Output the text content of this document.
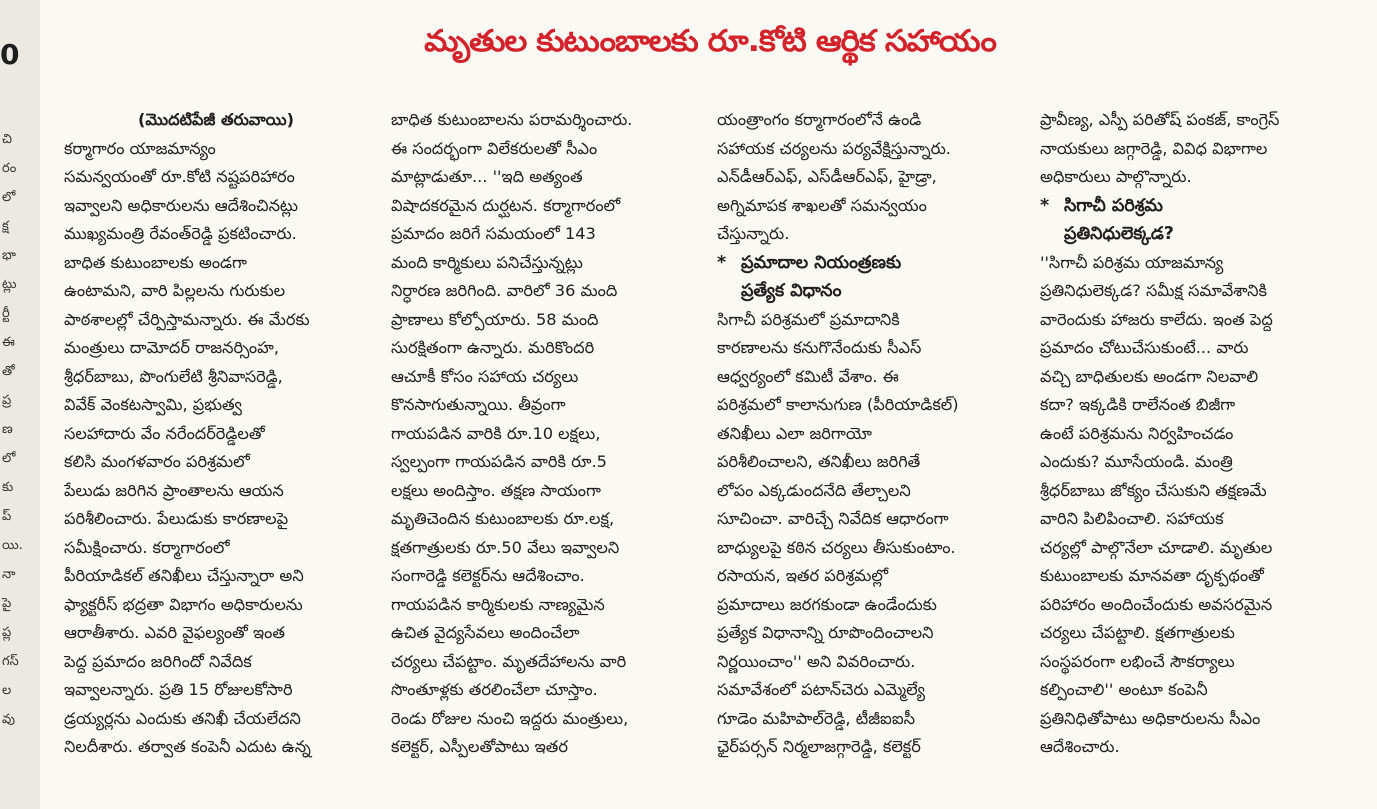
0
చి
రం
లో
క్ష
భా
ట్లు
ర్టీ
ఈ
తో
ప్ర
ణ
లో
కు
ప్
యి.
నా
పై
ప్ల
గస్
ల
వు
మృతుల కుటుంబాలకు రూ.కోటి ఆర్థిక సహాయం
(మొదటిపేజీ తరువాయి)
కర్మాగారం యాజమాన్యం
సమన్వయంతో రూ.కోటి నష్టపరిహారం
ఇవ్వాలని అధికారులను ఆదేశించినట్లు
ముఖ్యమంత్రి రేవంత్‌రెడ్డి ప్రకటించారు.
బాధిత కుటుంబాలకు అండగా
ఉంటామని, వారి పిల్లలను గురుకుల
పాఠశాలల్లో చేర్పిస్తామన్నారు. ఈ మేరకు
మంత్రులు దామోదర్ రాజనర్సింహ,
శ్రీధర్‌బాబు, పొంగులేటి శ్రీనివాసరెడ్డి,
వివేక్ వెంకటస్వామి, ప్రభుత్వ
సలహాదారు వేం నరేందర్‌రెడ్డిలతో
కలిసి మంగళవారం పరిశ్రమలో
పేలుడు జరిగిన ప్రాంతాలను ఆయన
పరిశీలించారు. పేలుడుకు కారణాలపై
సమీక్షించారు. కర్మాగారంలో
పీరియాడికల్ తనిఖీలు చేస్తున్నారా అని
ఫ్యాక్టరీస్ భద్రతా విభాగం అధికారులను
ఆరాతీశారు. ఎవరి వైఫల్యంతో ఇంత
పెద్ద ప్రమాదం జరిగిందో నివేదిక
ఇవ్వాలన్నారు. ప్రతి 15 రోజులకోసారి
డ్రయ్యర్లను ఎందుకు తనిఖీ చేయలేదని
నిలదీశారు. తర్వాత కంపెనీ ఎదుట ఉన్న
బాధిత కుటుంబాలను పరామర్శించారు.
ఈ సందర్భంగా విలేకరులతో సీఎం
మాట్లాడుతూ... ''ఇది అత్యంత
విషాదకరమైన దుర్ఘటన. కర్మాగారంలో
ప్రమాదం జరిగే సమయంలో 143
మంది కార్మికులు పనిచేస్తున్నట్లు
నిర్ధారణ జరిగింది. వారిలో 36 మంది
ప్రాణాలు కోల్పోయారు. 58 మంది
సురక్షితంగా ఉన్నారు. మరికొందరి
ఆచూకీ కోసం సహాయ చర్యలు
కొనసాగుతున్నాయి. తీవ్రంగా
గాయపడిన వారికి రూ.10 లక్షలు,
స్వల్పంగా గాయపడిన వారికి రూ.5
లక్షలు అందిస్తాం. తక్షణ సాయంగా
మృతిచెందిన కుటుంబాలకు రూ.లక్ష,
క్షతగాత్రులకు రూ.50 వేలు ఇవ్వాలని
సంగారెడ్డి కలెక్టర్‌ను ఆదేశించాం.
గాయపడిన కార్మికులకు నాణ్యమైన
ఉచిత వైద్యసేవలు అందించేలా
చర్యలు చేపట్టాం. మృతదేహాలను వారి
సొంతూళ్లకు తరలించేలా చూస్తాం.
రెండు రోజుల నుంచి ఇద్దరు మంత్రులు,
కలెక్టర్, ఎస్పీలతోపాటు ఇతర
యంత్రాంగం కర్మాగారంలోనే ఉండి
సహాయక చర్యలను పర్యవేక్షిస్తున్నారు.
ఎన్‌డీఆర్‌ఎఫ్, ఎస్‌డీఆర్‌ఎఫ్, హైడ్రా,
అగ్నిమాపక శాఖలతో సమన్వయం
చేస్తున్నారు.
* ప్రమాదాల నియంత్రణకు
ప్రత్యేక విధానం
సిగాచీ పరిశ్రమలో ప్రమాదానికి
కారణాలను కనుగొనేందుకు సీఎస్
ఆధ్వర్యంలో కమిటీ వేశాం. ఈ
పరిశ్రమలో కాలానుగుణ (పీరియాడికల్)
తనిఖీలు ఎలా జరిగాయో
పరిశీలించాలని, తనిఖీలు జరిగితే
లోపం ఎక్కడుందనేది తేల్చాలని
సూచించా. వారిచ్చే నివేదిక ఆధారంగా
బాధ్యులపై కఠిన చర్యలు తీసుకుంటాం.
రసాయన, ఇతర పరిశ్రమల్లో
ప్రమాదాలు జరగకుండా ఉండేందుకు
ప్రత్యేక విధానాన్ని రూపొందించాలని
నిర్ణయించాం'' అని వివరించారు.
సమావేశంలో పటాన్‌చెరు ఎమ్మెల్యే
గూడెం మహిపాల్‌రెడ్డి, టీజీఐఐసీ
ఛైర్‌పర్సన్ నిర్మలాజగ్గారెడ్డి, కలెక్టర్
ప్రావీణ్య, ఎస్పీ పరితోష్ పంకజ్, కాంగ్రెస్
నాయకులు జగ్గారెడ్డి, వివిధ విభాగాల
అధికారులు పాల్గొన్నారు.
* సిగాచీ పరిశ్రమ
ప్రతినిధులెక్కడ?
''సిగాచీ పరిశ్రమ యాజమాన్య
ప్రతినిధులెక్కడ? సమీక్ష సమావేశానికి
వారెందుకు హాజరు కాలేదు. ఇంత పెద్ద
ప్రమాదం చోటుచేసుకుంటే... వారు
వచ్చి బాధితులకు అండగా నిలవాలి
కదా? ఇక్కడికి రాలేనంత బిజీగా
ఉంటే పరిశ్రమను నిర్వహించడం
ఎందుకు? మూసేయండి. మంత్రి
శ్రీధర్‌బాబు జోక్యం చేసుకుని తక్షణమే
వారిని పిలిపించాలి. సహాయక
చర్యల్లో పాల్గొనేలా చూడాలి. మృతుల
కుటుంబాలకు మానవతా దృక్పథంతో
పరిహారం అందించేందుకు అవసరమైన
చర్యలు చేపట్టాలి. క్షతగాత్రులకు
సంస్థపరంగా లభించే సౌకర్యాలు
కల్పించాలి'' అంటూ కంపెనీ
ప్రతినిధితోపాటు అధికారులను సీఎం
ఆదేశించారు.
